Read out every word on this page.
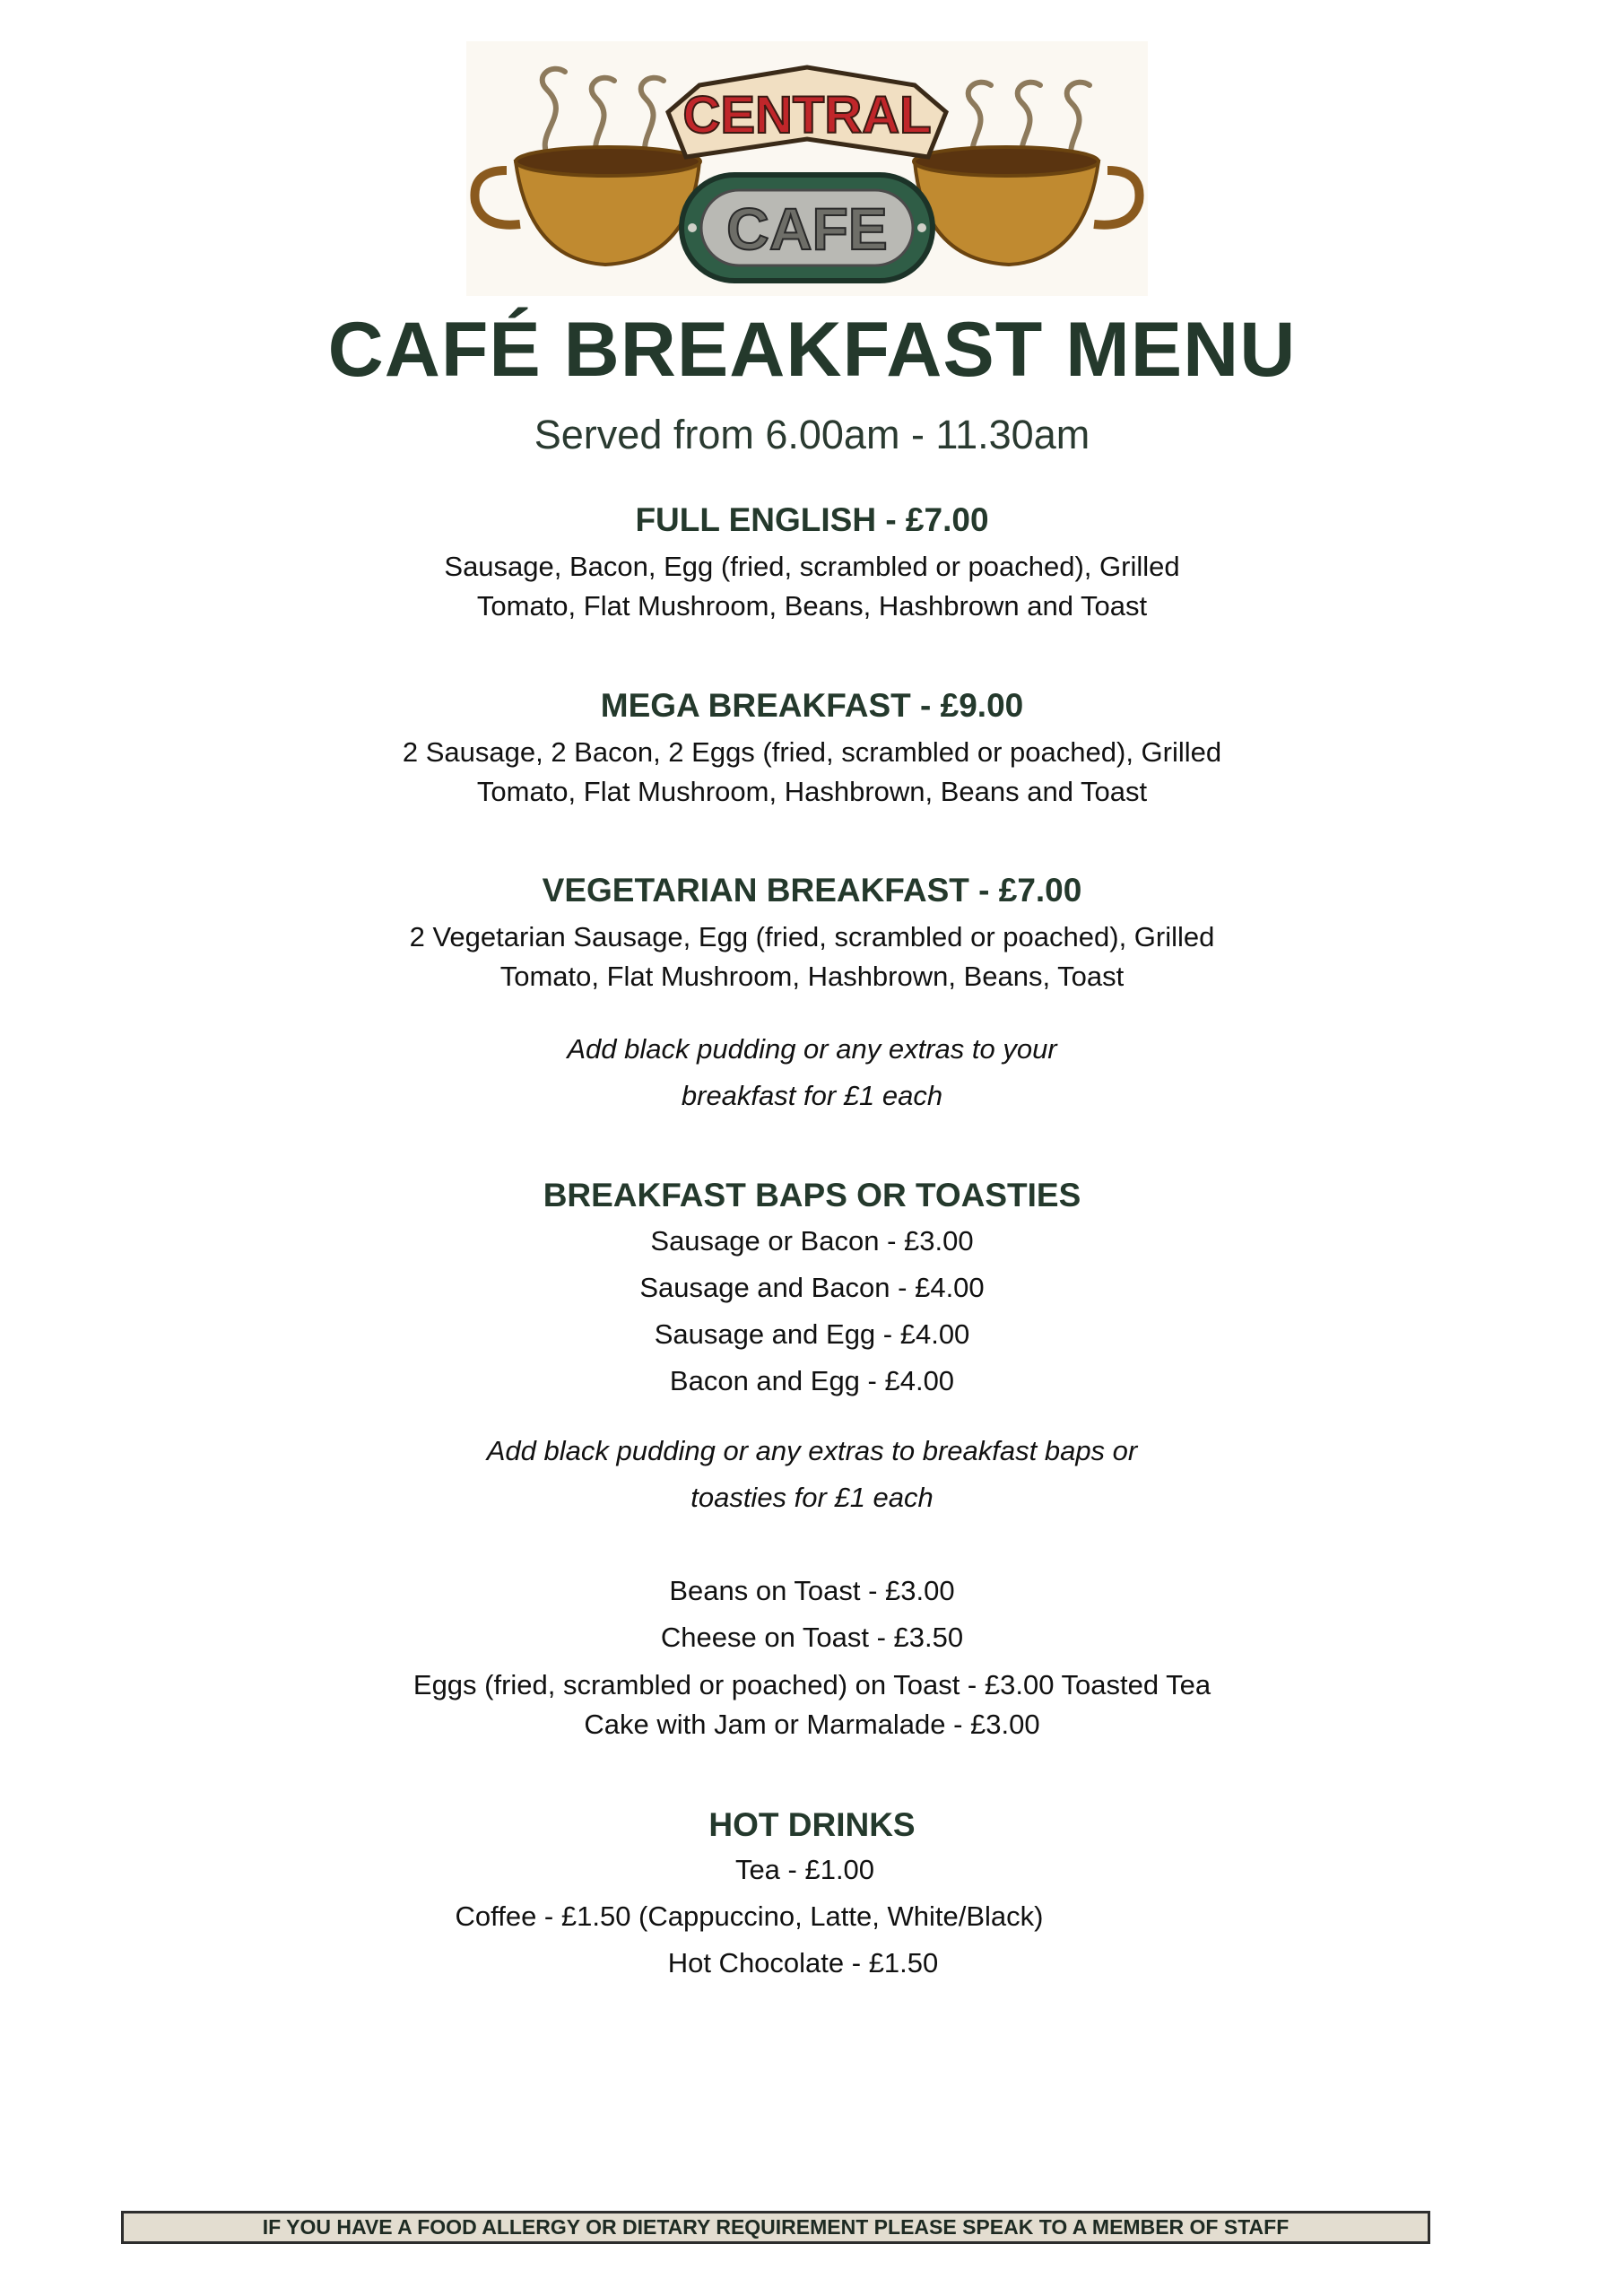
CENTRAL
CAFE
CAFÉ BREAKFAST MENU
Served from 6.00am - 11.30am
FULL ENGLISH - £7.00
Sausage, Bacon, Egg (fried, scrambled or poached), Grilled
Tomato, Flat Mushroom, Beans, Hashbrown and Toast
MEGA BREAKFAST - £9.00
2 Sausage, 2 Bacon, 2 Eggs (fried, scrambled or poached), Grilled
Tomato, Flat Mushroom, Hashbrown, Beans and Toast
VEGETARIAN BREAKFAST - £7.00
2 Vegetarian Sausage, Egg (fried, scrambled or poached), Grilled
Tomato, Flat Mushroom, Hashbrown, Beans, Toast
Add black pudding or any extras to your
breakfast for £1 each
BREAKFAST BAPS OR TOASTIES
Sausage or Bacon - £3.00
Sausage and Bacon - £4.00
Sausage and Egg - £4.00
Bacon and Egg - £4.00
Add black pudding or any extras to breakfast baps or
toasties for £1 each
Beans on Toast - £3.00
Cheese on Toast - £3.50
Eggs (fried, scrambled or poached) on Toast - £3.00 Toasted Tea
Cake with Jam or Marmalade - £3.00
HOT DRINKS
Tea - £1.00
Coffee - £1.50 (Cappuccino, Latte, White/Black)
Hot Chocolate - £1.50
IF YOU HAVE A FOOD ALLERGY OR DIETARY REQUIREMENT PLEASE SPEAK TO A MEMBER OF STAFF
